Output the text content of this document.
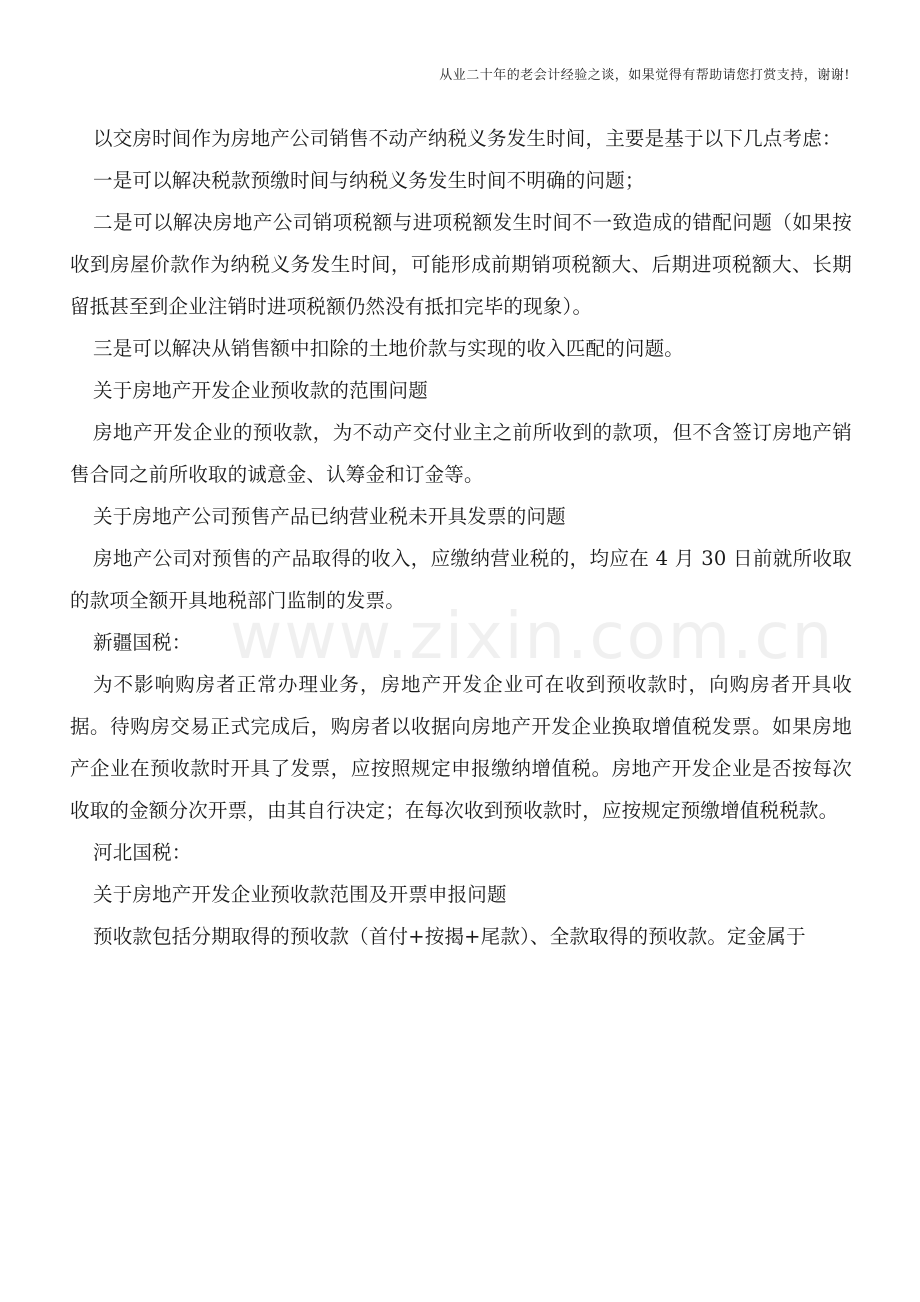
从业二十年的老会计经验之谈，如果觉得有帮助请您打赏支持，谢谢!
www.zixin.com.cn

以交房时间作为房地产公司销售不动产纳税义务发生时间，主要是基于以下几点考虑：

一是可以解决税款预缴时间与纳税义务发生时间不明确的问题；

二是可以解决房地产公司销项税额与进项税额发生时间不一致造成的错配问题（如果按收到房屋价款作为纳税义务发生时间，可能形成前期销项税额大、后期进项税额大、长期留抵甚至到企业注销时进项税额仍然没有抵扣完毕的现象）。

三是可以解决从销售额中扣除的土地价款与实现的收入匹配的问题。

关于房地产开发企业预收款的范围问题

房地产开发企业的预收款，为不动产交付业主之前所收到的款项，但不含签订房地产销售合同之前所收取的诚意金、认筹金和订金等。

关于房地产公司预售产品已纳营业税未开具发票的问题

房地产公司对预售的产品取得的收入，应缴纳营业税的，均应在 4 月 30 日前就所收取的款项全额开具地税部门监制的发票。

新疆国税：

为不影响购房者正常办理业务，房地产开发企业可在收到预收款时，向购房者开具收据。待购房交易正式完成后，购房者以收据向房地产开发企业换取增值税发票。如果房地产企业在预收款时开具了发票，应按照规定申报缴纳增值税。房地产开发企业是否按每次收取的金额分次开票，由其自行决定；在每次收到预收款时，应按规定预缴增值税税款。

河北国税：

关于房地产开发企业预收款范围及开票申报问题

预收款包括分期取得的预收款（首付+按揭+尾款）、全款取得的预收款。定金属于
